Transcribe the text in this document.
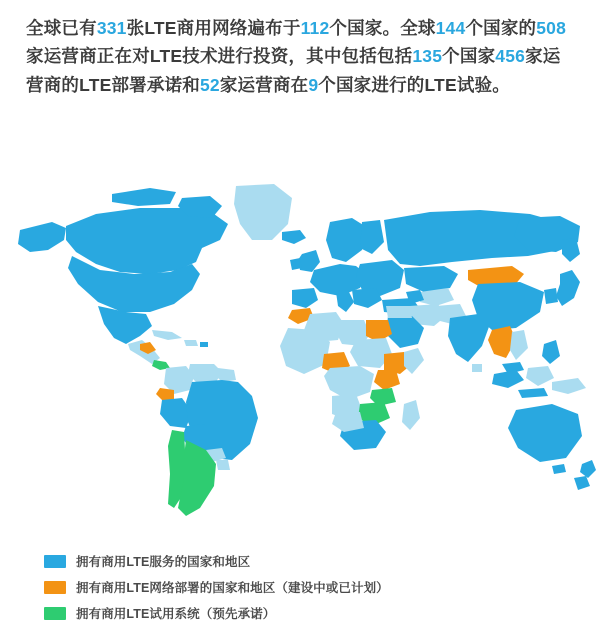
全球已有331张LTE商用网络遍布于112个国家。全球144个国家的508家运营商正在对LTE技术进行投资，其中包括包括135个国家456家运营商的LTE部署承诺和52家运营商在9个国家进行的LTE试验。
拥有商用LTE服务的国家和地区
拥有商用LTE网络部署的国家和地区（建设中或已计划）
拥有商用LTE试用系统（预先承诺）
